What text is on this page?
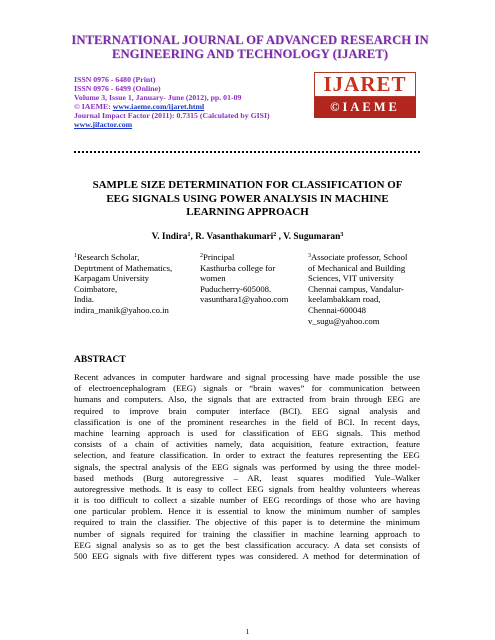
INTERNATIONAL JOURNAL OF ADVANCED RESEARCH IN
ENGINEERING AND TECHNOLOGY (IJARET)
ISSN 0976 - 6480 (Print)
ISSN 0976 - 6499 (Online)
Volume 3, Issue 1, January- June (2012), pp. 01-09
© IAEME: www.iaeme.com/ijaret.html
Journal Impact Factor (2011): 0.7315 (Calculated by GISI)
www.jifactor.com
IJARET
©IAEME
SAMPLE SIZE DETERMINATION FOR CLASSIFICATION OF
EEG SIGNALS USING POWER ANALYSIS IN MACHINE
LEARNING APPROACH
V. Indira$^1$, R. Vasanthakumari$^2$ , V. Sugumaran$^3$
$^1$Research Scholar,
Deptrtment of Mathematics,
Karpagam University
Coimbatore,
India.
indira_manik@yahoo.co.in
$^2$Principal
Kasthurba college for
women
Puducherry-605008.
vasunthara1@yahoo.com
$^3$Associate professor, School
of Mechanical and Building
Sciences, VIT university
Chennai campus, Vandalur-
keelambakkam road,
Chennai-600048
v_sugu@yahoo.com
ABSTRACT
Recent advances in computer hardware and signal processing have made possible the use
of electroencephalogram (EEG) signals or “brain waves” for communication between
humans and computers. Also, the signals that are extracted from brain through EEG are
required to improve brain computer interface (BCI). EEG signal analysis and
classification is one of the prominent researches in the field of BCI. In recent days,
machine learning approach is used for classification of EEG signals. This method
consists of a chain of activities namely, data acquisition, feature extraction, feature
selection, and feature classification. In order to extract the features representing the EEG
signals, the spectral analysis of the EEG signals was performed by using the three model-
based methods (Burg autoregressive – AR, least squares modified Yule–Walker
autoregressive methods. It is easy to collect EEG signals from healthy volunteers whereas
it is too difficult to collect a sizable number of EEG recordings of those who are having
one particular problem. Hence it is essential to know the minimum number of samples
required to train the classifier. The objective of this paper is to determine the minimum
number of signals required for training the classifier in machine learning approach to
EEG signal analysis so as to get the best classification accuracy. A data set consists of
500 EEG signals with five different types was considered. A method for determination of
1
